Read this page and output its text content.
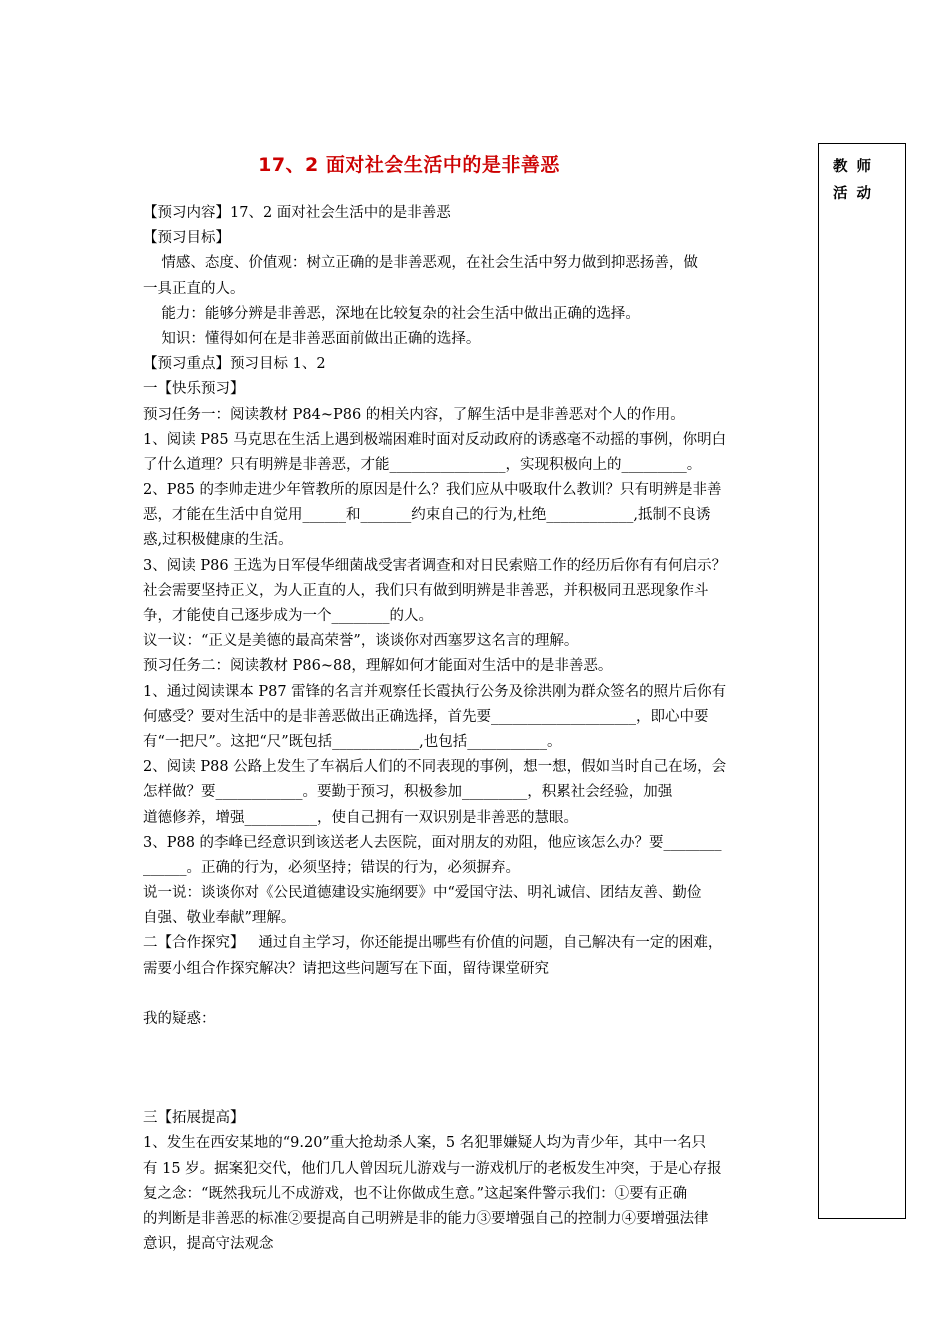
17、2 面对社会生活中的是非善恶	教 师 活 动
【预习内容】17、2 面对社会生活中的是非善恶
【预习目标】
情感、态度、价值观：树立正确的是非善恶观，在社会生活中努力做到抑恶扬善，做
一具正直的人。
能力：能够分辨是非善恶，深地在比较复杂的社会生活中做出正确的选择。
知识：懂得如何在是非善恶面前做出正确的选择。
【预习重点】预习目标 1、2
一【快乐预习】
预习任务一：阅读教材 P84~P86 的相关内容，了解生活中是非善恶对个人的作用。
1、阅读 P85 马克思在生活上遇到极端困难时面对反动政府的诱惑毫不动摇的事例，你明白
了什么道理？只有明辨是非善恶，才能________________，实现积极向上的_________。
2、P85 的李帅走进少年管教所的原因是什么？我们应从中吸取什么教训？只有明辨是非善
恶，才能在生活中自觉用______和_______约束自己的行为,杜绝____________,抵制不良诱
惑,过积极健康的生活。
3、阅读 P86 王选为日军侵华细菌战受害者调查和对日民索赔工作的经历后你有有何启示？
社会需要坚持正义，为人正直的人，我们只有做到明辨是非善恶，并积极同丑恶现象作斗
争，才能使自己逐步成为一个________的人。
议一议：“正义是美德的最高荣誉”，谈谈你对西塞罗这名言的理解。
预习任务二：阅读教材 P86~88，理解如何才能面对生活中的是非善恶。
1、通过阅读课本 P87 雷锋的名言并观察任长霞执行公务及徐洪刚为群众签名的照片后你有
何感受？要对生活中的是非善恶做出正确选择，首先要____________________，即心中要
有“一把尺”。这把“尺”既包括____________,也包括___________。
2、阅读 P88 公路上发生了车祸后人们的不同表现的事例，想一想，假如当时自己在场，会
怎样做？要____________。要勤于预习，积极参加_________，积累社会经验，加强
道德修养，增强__________，使自己拥有一双识别是非善恶的慧眼。
3、P88 的李峰已经意识到该送老人去医院，面对朋友的劝阻，他应该怎么办？要________
______。正确的行为，必须坚持；错误的行为，必须摒弃。
说一说：谈谈你对《公民道德建设实施纲要》中“爱国守法、明礼诚信、团结友善、勤俭
自强、敬业奉献”理解。
二【合作探究】   通过自主学习，你还能提出哪些有价值的问题，自己解决有一定的困难，
需要小组合作探究解决？请把这些问题写在下面，留待课堂研究
我的疑惑：
三【拓展提高】
1、发生在西安某地的“9.20”重大抢劫杀人案，5 名犯罪嫌疑人均为青少年，其中一名只
有 15 岁。据案犯交代，他们几人曾因玩儿游戏与一游戏机厅的老板发生冲突，于是心存报
复之念：“既然我玩儿不成游戏，也不让你做成生意。”这起案件警示我们：①要有正确
的判断是非善恶的标准②要提高自己明辨是非的能力③要增强自己的控制力④要增强法律
意识，提高守法观念
